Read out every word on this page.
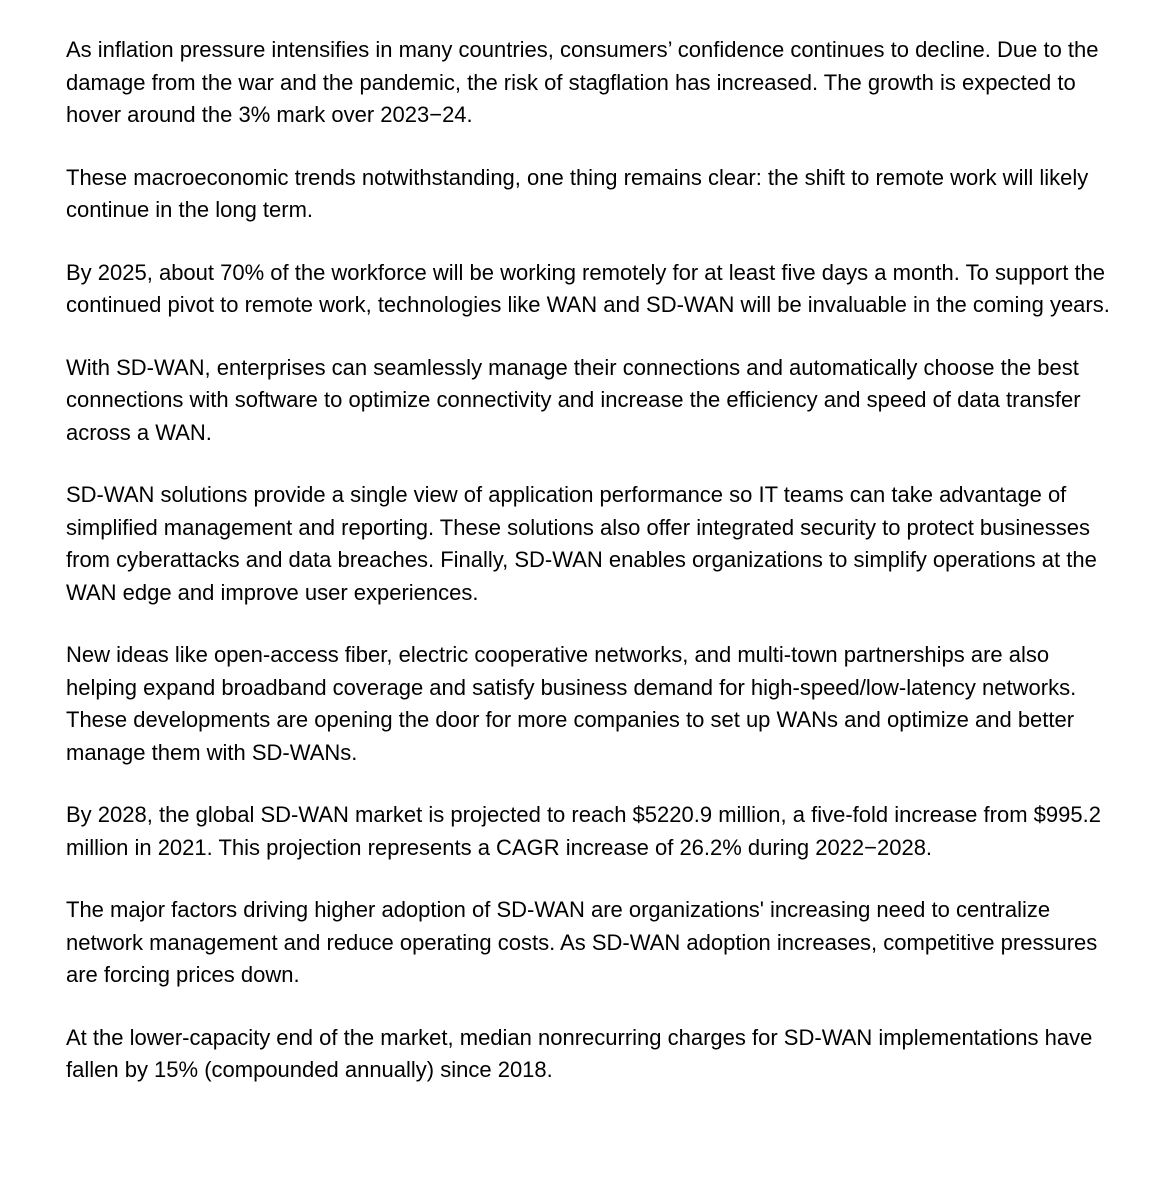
As inflation pressure intensifies in many countries, consumers’ confidence continues to decline. Due to the damage from the war and the pandemic, the risk of stagflation has increased. The growth is expected to hover around the 3% mark over 2023−24.

These macroeconomic trends notwithstanding, one thing remains clear: the shift to remote work will likely continue in the long term.

By 2025, about 70% of the workforce will be working remotely for at least five days a month. To support the continued pivot to remote work, technologies like WAN and SD-WAN will be invaluable in the coming years.

With SD-WAN, enterprises can seamlessly manage their connections and automatically choose the best connections with software to optimize connectivity and increase the efficiency and speed of data transfer across a WAN.

SD-WAN solutions provide a single view of application performance so IT teams can take advantage of simplified management and reporting. These solutions also offer integrated security to protect businesses from cyberattacks and data breaches. Finally, SD-WAN enables organizations to simplify operations at the WAN edge and improve user experiences.

New ideas like open-access fiber, electric cooperative networks, and multi-town partnerships are also helping expand broadband coverage and satisfy business demand for high-speed/low-latency networks. These developments are opening the door for more companies to set up WANs and optimize and better manage them with SD-WANs.

By 2028, the global SD-WAN market is projected to reach $5220.9 million, a five-fold increase from $995.2 million in 2021. This projection represents a CAGR increase of 26.2% during 2022−2028.

The major factors driving higher adoption of SD-WAN are organizations' increasing need to centralize network management and reduce operating costs. As SD-WAN adoption increases, competitive pressures are forcing prices down.

At the lower-capacity end of the market, median nonrecurring charges for SD-WAN implementations have fallen by 15% (compounded annually) since 2018.
